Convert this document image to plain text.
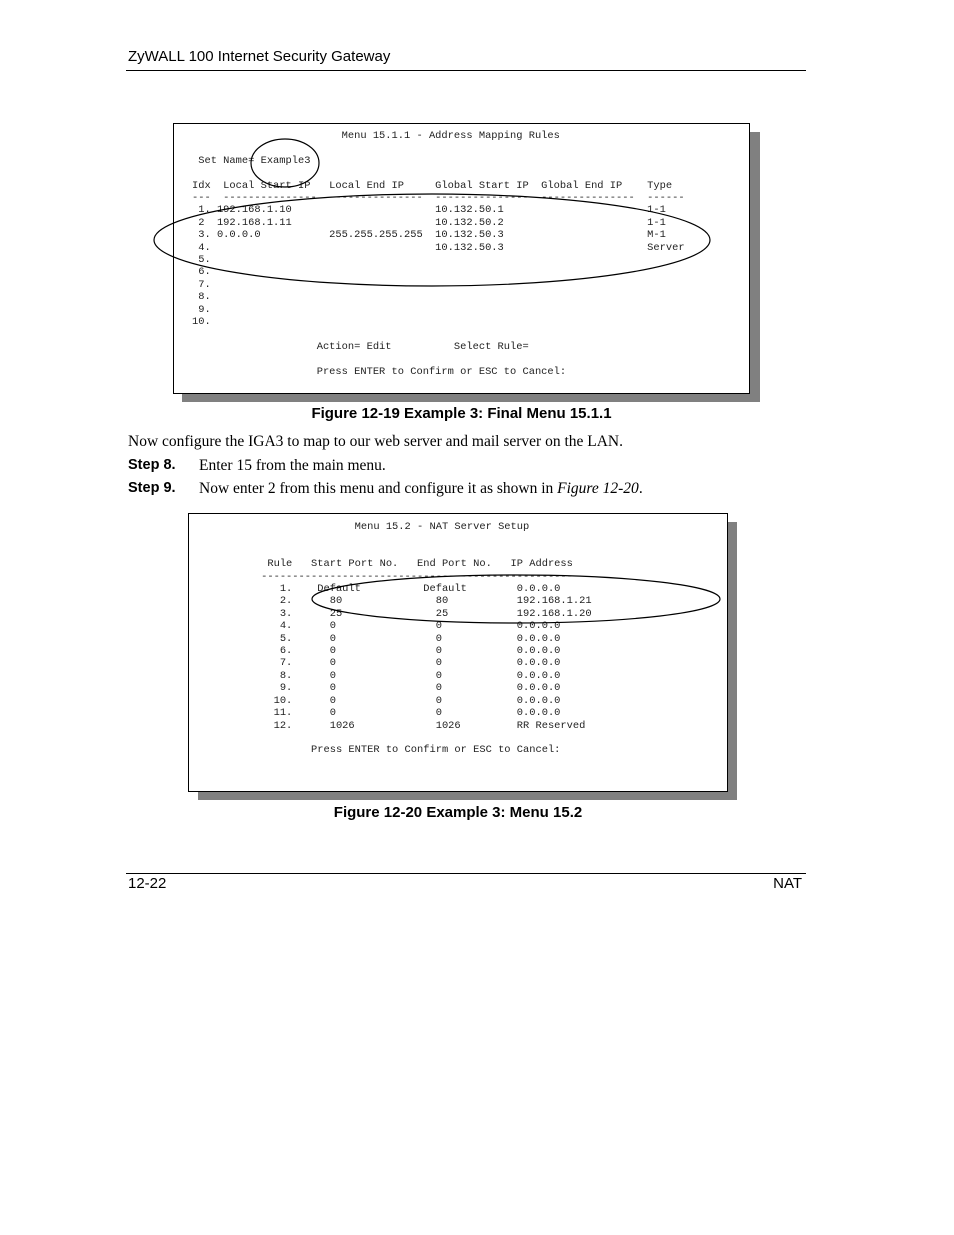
ZyWALL 100 Internet Security Gateway
Menu 15.1.1 - Address Mapping Rules

Set Name= Example3

Idx  Local Start IP   Local End IP     Global Start IP  Global End IP    Type
---  ---------------  ---------------  ---------------  ---------------  ------
1. 192.168.1.10                       10.132.50.1                       1-1
2  192.168.1.11                       10.132.50.2                       1-1
3. 0.0.0.0           255.255.255.255  10.132.50.3                       M-1
4.                                    10.132.50.3                       Server
5.
6.
7.
8.
9.
10.

Action= Edit          Select Rule=

Press ENTER to Confirm or ESC to Cancel:
Figure 12-19 Example 3: Final Menu 15.1.1
Now configure the IGA3 to map to our web server and mail server on the LAN.
Step 8. Enter 15 from the main menu.
Step 9. Now enter 2 from this menu and configure it as shown in Figure 12-20.
Menu 15.2 - NAT Server Setup

Rule   Start Port No.   End Port No.   IP Address
---------------------------------------------------
1.    Default          Default        0.0.0.0
2.      80               80           192.168.1.21
3.      25               25           192.168.1.20
4.      0                0            0.0.0.0
5.      0                0            0.0.0.0
6.      0                0            0.0.0.0
7.      0                0            0.0.0.0
8.      0                0            0.0.0.0
9.      0                0            0.0.0.0
10.      0                0            0.0.0.0
11.      0                0            0.0.0.0
12.      1026             1026         RR Reserved

Press ENTER to Confirm or ESC to Cancel:
Figure 12-20 Example 3: Menu 15.2
12-22	NAT
